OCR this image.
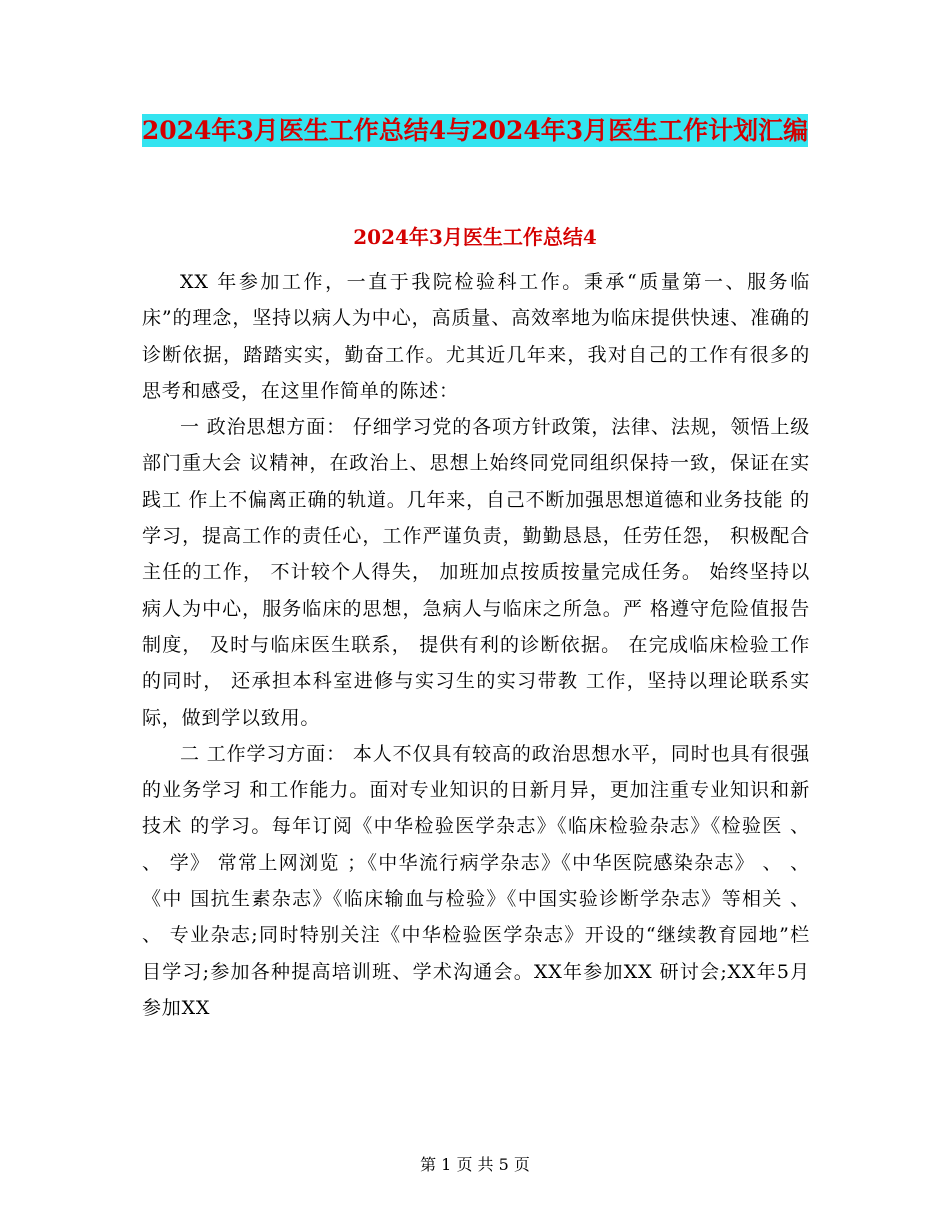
2024年3月医生工作总结4与2024年3月医生工作计划汇编
2024年3月医生工作总结4

XX 年参加工作，一直于我院检验科工作。秉承“质量第一、服务临床”的理念，坚持以病人为中心，高质量、高效率地为临床提供快速、准确的诊断依据，踏踏实实，勤奋工作。尤其近几年来，我对自己的工作有很多的思考和感受，在这里作简单的陈述：

一 政治思想方面： 仔细学习党的各项方针政策，法律、法规，领悟上级部门重大会 议精神，在政治上、思想上始终同党同组织保持一致，保证在实践工 作上不偏离正确的轨道。几年来，自己不断加强思想道德和业务技能 的学习，提高工作的责任心，工作严谨负责，勤勤恳恳，任劳任怨， 积极配合主任的工作， 不计较个人得失， 加班加点按质按量完成任务。 始终坚持以病人为中心，服务临床的思想，急病人与临床之所急。严 格遵守危险值报告制度， 及时与临床医生联系， 提供有利的诊断依据。 在完成临床检验工作的同时， 还承担本科室进修与实习生的实习带教 工作，坚持以理论联系实际，做到学以致用。

二 工作学习方面： 本人不仅具有较高的政治思想水平，同时也具有很强的业务学习 和工作能力。面对专业知识的日新月异，更加注重专业知识和新技术 的学习。每年订阅《中华检验医学杂志》《临床检验杂志》《检验医 、 、 学》 常常上网浏览 ；《中华流行病学杂志》《中华医院感染杂志》 、 、 《中 国抗生素杂志》《临床输血与检验》《中国实验诊断学杂志》等相关 、 、 专业杂志;同时特别关注《中华检验医学杂志》开设的“继续教育园地”栏目学习;参加各种提高培训班、学术沟通会。XX年参加XX 研讨会;XX年5月参加XX

第 1 页 共 5 页
